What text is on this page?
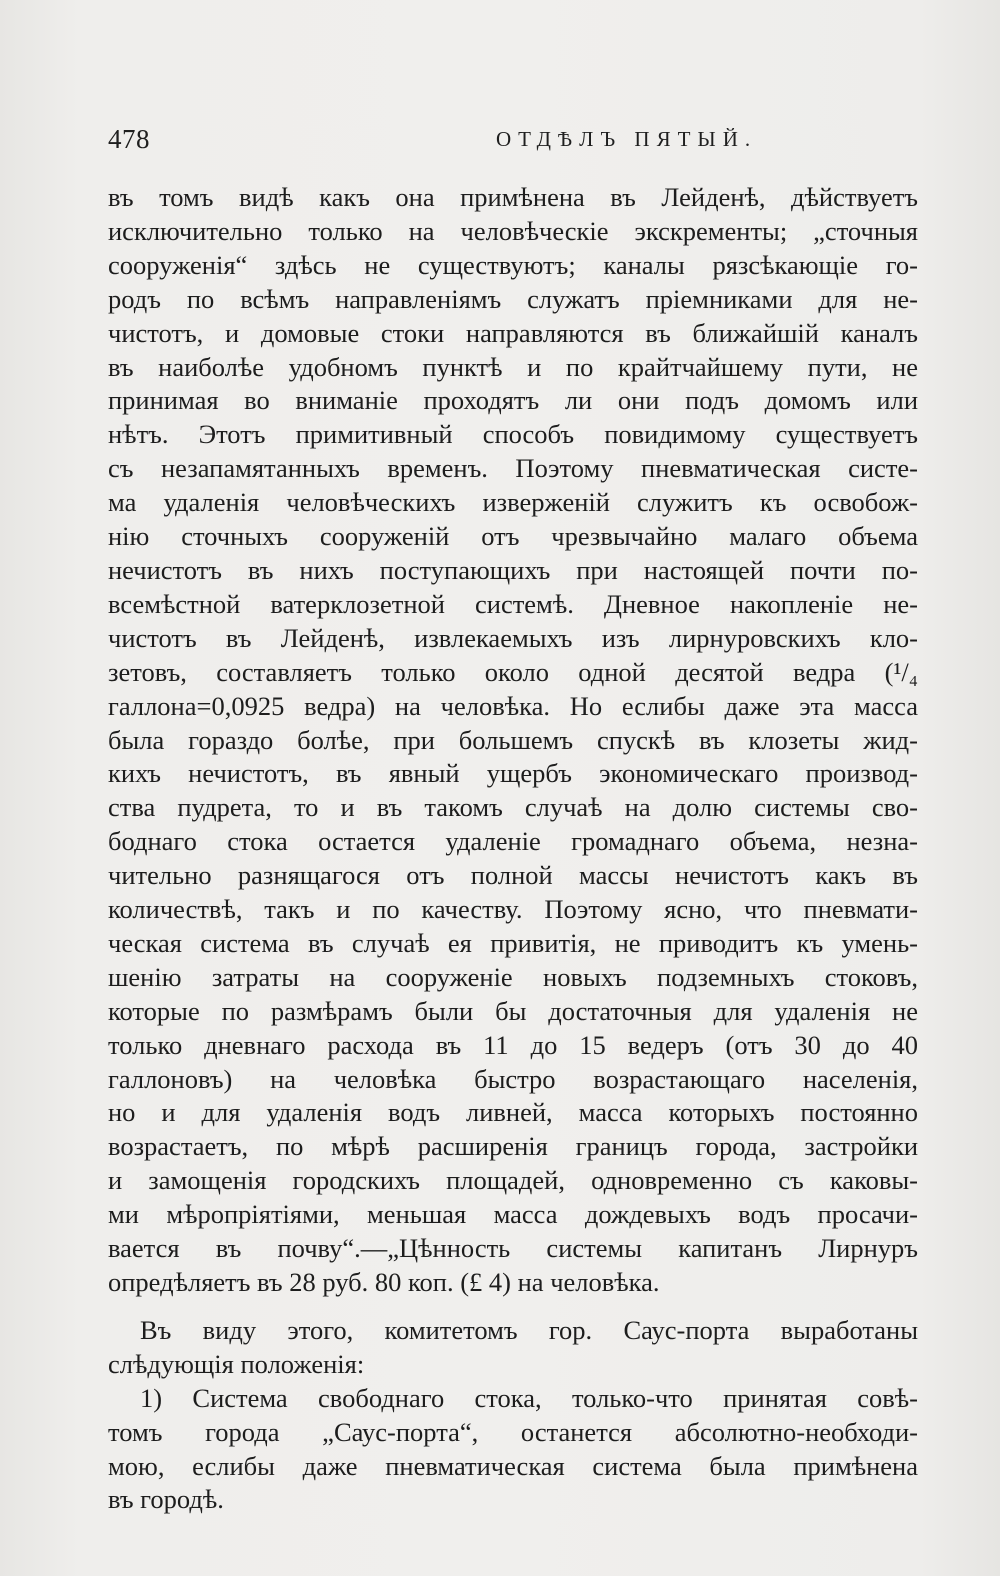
478	ОТДѢЛЪ ПЯТЫЙ.
въ томъ видѣ какъ она примѣнена въ Лейденѣ, дѣйствуетъ
исключительно только на человѣческіе экскременты; „сточныя
сооруженія“ здѣсь не существуютъ; каналы рязсѣкающіе го-
родъ по всѣмъ направленіямъ служатъ пріемниками для не-
чистотъ, и домовые стоки направляются въ ближайшій каналъ
въ наиболѣе удобномъ пунктѣ и по крайтчайшему пути, не
принимая во вниманіе проходятъ ли они подъ домомъ или
нѣтъ. Этотъ примитивный способъ повидимому существуетъ
съ незапамятанныхъ временъ. Поэтому пневматическая систе-
ма удаленія человѣческихъ изверженій служитъ къ освобож-
нію сточныхъ сооруженій отъ чрезвычайно малаго объема
нечистотъ въ нихъ поступающихъ при настоящей почти по-
всемѣстной ватерклозетной системѣ. Дневное накопленіе не-
чистотъ въ Лейденѣ, извлекаемыхъ изъ лирнуровскихъ кло-
зетовъ, составляетъ только около одной десятой ведра (¹/₄
галлона=0,0925 ведра) на человѣка. Но еслибы даже эта масса
была гораздо болѣе, при большемъ спускѣ въ клозеты жид-
кихъ нечистотъ, въ явный ущербъ экономическаго производ-
ства пудрета, то и въ такомъ случаѣ на долю системы сво-
боднаго стока остается удаленіе громаднаго объема, незна-
чительно разнящагося отъ полной массы нечистотъ какъ въ
количествѣ, такъ и по качеству. Поэтому ясно, что пневмати-
ческая система въ случаѣ ея привитія, не приводитъ къ умень-
шенію затраты на сооруженіе новыхъ подземныхъ стоковъ,
которые по размѣрамъ были бы достаточныя для удаленія не
только дневнаго расхода въ 11 до 15 ведеръ (отъ 30 до 40
галлоновъ) на человѣка быстро возрастающаго населенія,
но и для удаленія водъ ливней, масса которыхъ постоянно
возрастаетъ, по мѣрѣ расширенія границъ города, застройки
и замощенія городскихъ площадей, одновременно съ каковы-
ми мѣропріятіями, меньшая масса дождевыхъ водъ просачи-
вается въ почву“.—„Цѣнность системы капитанъ Лирнуръ
опредѣляетъ въ 28 руб. 80 коп. (£ 4) на человѣка.
Въ виду этого, комитетомъ гор. Саус-порта выработаны
слѣдующія положенія:
1) Система свободнаго стока, только-что принятая совѣ-
томъ города „Саус-порта“, останется абсолютно-необходи-
мою, еслибы даже пневматическая система была примѣнена
въ городѣ.
